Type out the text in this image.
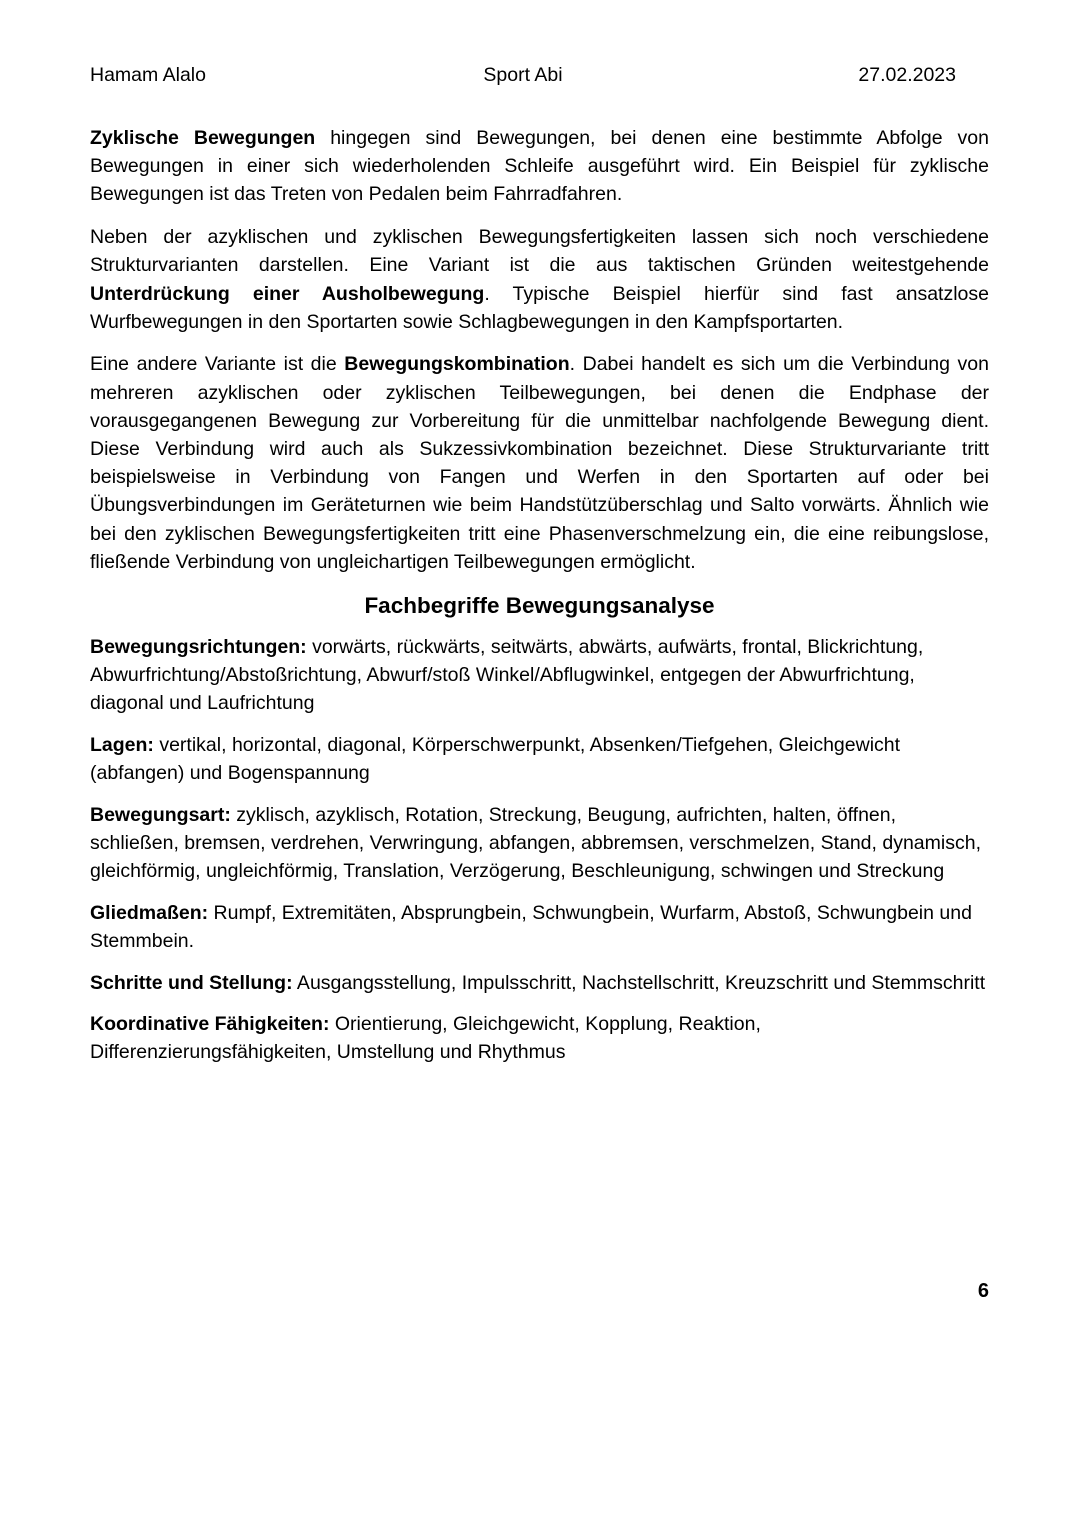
Hamam Alalo	Sport Abi	27.02.2023

Zyklische Bewegungen hingegen sind Bewegungen, bei denen eine bestimmte Abfolge von Bewegungen in einer sich wiederholenden Schleife ausgeführt wird. Ein Beispiel für zyklische Bewegungen ist das Treten von Pedalen beim Fahrradfahren.

Neben der azyklischen und zyklischen Bewegungsfertigkeiten lassen sich noch verschiedene Strukturvarianten darstellen. Eine Variant ist die aus taktischen Gründen weitestgehende Unterdrückung einer Ausholbewegung. Typische Beispiel hierfür sind fast ansatzlose Wurfbewegungen in den Sportarten sowie Schlagbewegungen in den Kampfsportarten.

Eine andere Variante ist die Bewegungskombination. Dabei handelt es sich um die Verbindung von mehreren azyklischen oder zyklischen Teilbewegungen, bei denen die Endphase der vorausgegangenen Bewegung zur Vorbereitung für die unmittelbar nachfolgende Bewegung dient. Diese Verbindung wird auch als Sukzessivkombination bezeichnet. Diese Strukturvariante tritt beispielsweise in Verbindung von Fangen und Werfen in den Sportarten auf oder bei Übungsverbindungen im Geräteturnen wie beim Handstützüberschlag und Salto vorwärts. Ähnlich wie bei den zyklischen Bewegungsfertigkeiten tritt eine Phasenverschmelzung ein, die eine reibungslose, fließende Verbindung von ungleichartigen Teilbewegungen ermöglicht.

Fachbegriffe Bewegungsanalyse
Bewegungsrichtungen: vorwärts, rückwärts, seitwärts, abwärts, aufwärts, frontal, Blickrichtung, Abwurfrichtung/Abstoßrichtung, Abwurf/stoß Winkel/Abflugwinkel, entgegen der Abwurfrichtung, diagonal und Laufrichtung
Lagen: vertikal, horizontal, diagonal, Körperschwerpunkt, Absenken/Tiefgehen, Gleichgewicht (abfangen) und Bogenspannung
Bewegungsart: zyklisch, azyklisch, Rotation, Streckung, Beugung, aufrichten, halten, öffnen, schließen, bremsen, verdrehen, Verwringung, abfangen, abbremsen, verschmelzen, Stand, dynamisch, gleichförmig, ungleichförmig, Translation, Verzögerung, Beschleunigung, schwingen und Streckung
Gliedmaßen: Rumpf, Extremitäten, Absprungbein, Schwungbein, Wurfarm, Abstoß, Schwungbein und Stemmbein.
Schritte und Stellung: Ausgangsstellung, Impulsschritt, Nachstellschritt, Kreuzschritt und Stemmschritt
Koordinative Fähigkeiten: Orientierung, Gleichgewicht, Kopplung, Reaktion, Differenzierungsfähigkeiten, Umstellung und Rhythmus
6
